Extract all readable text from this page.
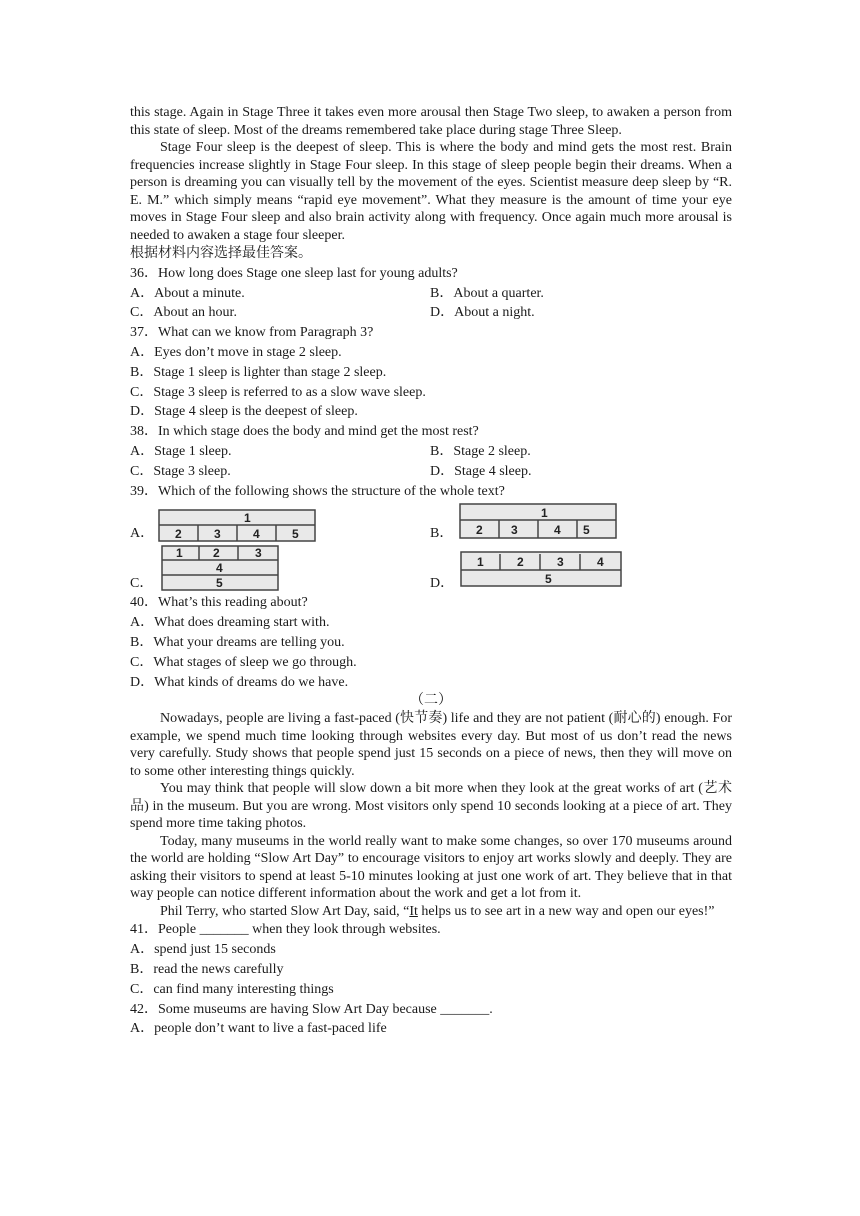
this stage. Again in Stage Three it takes even more arousal then Stage Two sleep, to awaken a person from this state of sleep. Most of the dreams remembered take place during stage Three Sleep.

Stage Four sleep is the deepest of sleep. This is where the body and mind gets the most rest. Brain frequencies increase slightly in Stage Four sleep. In this stage of sleep people begin their dreams. When a person is dreaming you can visually tell by the movement of the eyes. Scientist measure deep sleep by “R. E. M.” which simply means “rapid eye movement”. What they measure is the amount of time your eye moves in Stage Four sleep and also brain activity along with frequency. Once again much more arousal is needed to awaken a stage four sleeper.

根据材料内容选择最佳答案。
36．How long does Stage one sleep last for young adults?
A．About a minute.	B．About a quarter.
C．About an hour.	D．About a night.
37．What can we know from Paragraph 3?
A．Eyes don’t move in stage 2 sleep.
B．Stage 1 sleep is lighter than stage 2 sleep.
C．Stage 3 sleep is referred to as a slow wave sleep.
D．Stage 4 sleep is the deepest of sleep.
38．In which stage does the body and mind get the most rest?
A．Stage 1 sleep.	B．Stage 2 sleep.
C．Stage 3 sleep.	D．Stage 4 sleep.
39．Which of the following shows the structure of the whole text?
A．
1
2	3	4	5	B．
1
2 3	4 5
C．
1	2	3
4
5	D．
1	2	3	4
5
40．What’s this reading about?
A．What does dreaming start with.
B．What your dreams are telling you.
C．What stages of sleep we go through.
D．What kinds of dreams do we have.
（二）

Nowadays, people are living a fast-paced (快节奏) life and they are not patient (耐心的) enough. For example, we spend much time looking through websites every day. But most of us don’t read the news very carefully. Study shows that people spend just 15 seconds on a piece of news, then they will move on to some other interesting things quickly.

You may think that people will slow down a bit more when they look at the great works of art (艺术品) in the museum. But you are wrong. Most visitors only spend 10 seconds looking at a piece of art. They spend more time taking photos.

Today, many museums in the world really want to make some changes, so over 170 museums around the world are holding “Slow Art Day” to encourage visitors to enjoy art works slowly and deeply. They are asking their visitors to spend at least 5-10 minutes looking at just one work of art. They believe that in that way people can notice different information about the work and get a lot from it.

Phil Terry, who started Slow Art Day, said, “It helps us to see art in a new way and open our eyes!”

41．People _______ when they look through websites.
A．spend just 15 seconds
B．read the news carefully
C．can find many interesting things
42．Some museums are having Slow Art Day because _______.
A．people don’t want to live a fast-paced life
